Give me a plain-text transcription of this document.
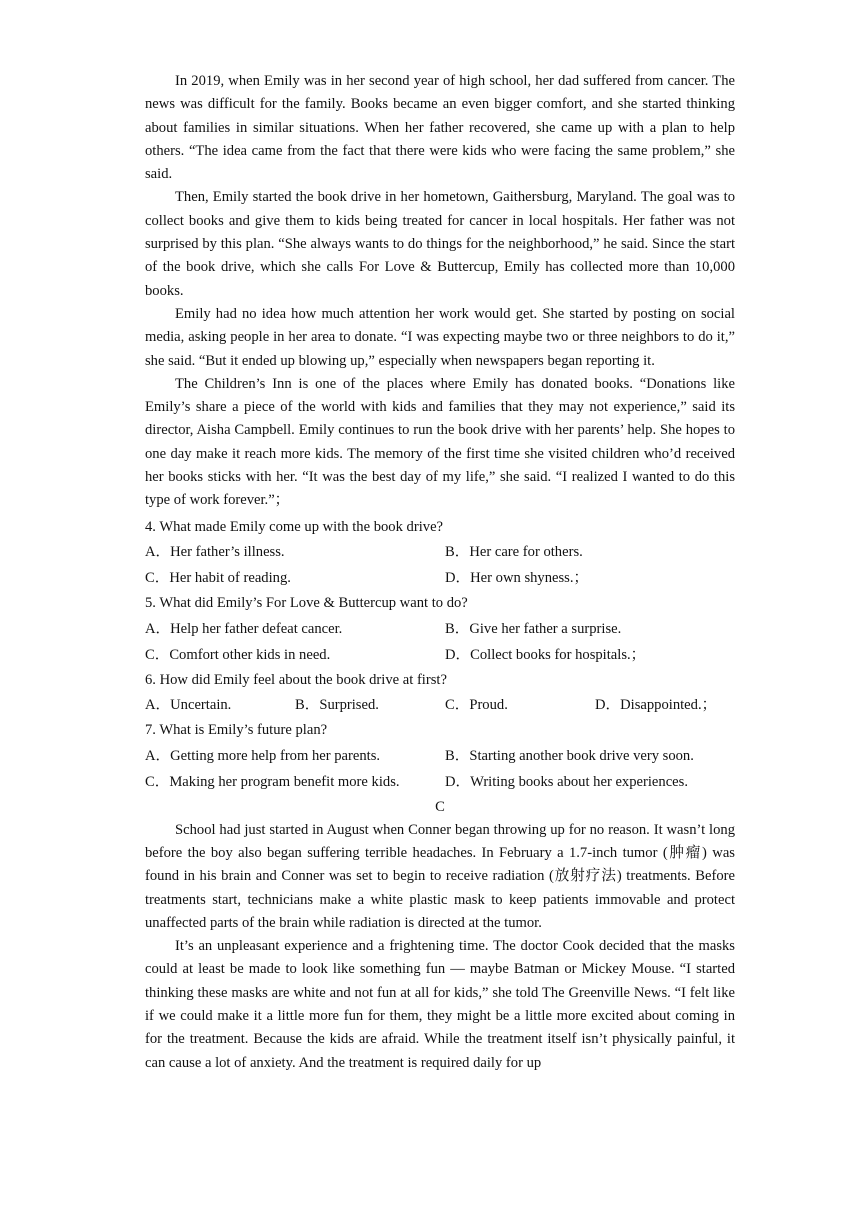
In 2019, when Emily was in her second year of high school, her dad suffered from cancer. The news was difficult for the family. Books became an even bigger comfort, and she started thinking about families in similar situations. When her father recovered, she came up with a plan to help others. “The idea came from the fact that there were kids who were facing the same problem,” she said.

Then, Emily started the book drive in her hometown, Gaithersburg, Maryland. The goal was to collect books and give them to kids being treated for cancer in local hospitals. Her father was not surprised by this plan. “She always wants to do things for the neighborhood,” he said. Since the start of the book drive, which she calls For Love & Buttercup, Emily has collected more than 10,000 books.

Emily had no idea how much attention her work would get. She started by posting on social media, asking people in her area to donate. “I was expecting maybe two or three neighbors to do it,” she said. “But it ended up blowing up,” especially when newspapers began reporting it.

The Children’s Inn is one of the places where Emily has donated books. “Donations like Emily’s share a piece of the world with kids and families that they may not experience,” said its director, Aisha Campbell. Emily continues to run the book drive with her parents’ help. She hopes to one day make it reach more kids. The memory of the first time she visited children who’d received her books sticks with her. “It was the best day of my life,” she said. “I realized I wanted to do this type of work forever.”；

4. What made Emily come up with the book drive?

A．Her father’s illness.	B．Her care for others.
C．Her habit of reading.	D．Her own shyness.；

5. What did Emily’s For Love & Buttercup want to do?

A．Help her father defeat cancer.	B．Give her father a surprise.
C．Comfort other kids in need.	D．Collect books for hospitals.；

6. How did Emily feel about the book drive at first?

A．Uncertain.	B．Surprised.	C．Proud.	D．Disappointed.；

7. What is Emily’s future plan?

A．Getting more help from her parents.	B．Starting another book drive very soon.
C．Making her program benefit more kids.	D．Writing books about her experiences.

C

School had just started in August when Conner began throwing up for no reason. It wasn’t long before the boy also began suffering terrible headaches. In February a 1.7-inch tumor (肿瘤) was found in his brain and Conner was set to begin to receive radiation (放射疗法) treatments. Before treatments start, technicians make a white plastic mask to keep patients immovable and protect unaffected parts of the brain while radiation is directed at the tumor.

It’s an unpleasant experience and a frightening time. The doctor Cook decided that the masks could at least be made to look like something fun — maybe Batman or Mickey Mouse. “I started thinking these masks are white and not fun at all for kids,” she told The Greenville News. “I felt like if we could make it a little more fun for them, they might be a little more excited about coming in for the treatment. Because the kids are afraid. While the treatment itself isn’t physically painful, it can cause a lot of anxiety. And the treatment is required daily for up
